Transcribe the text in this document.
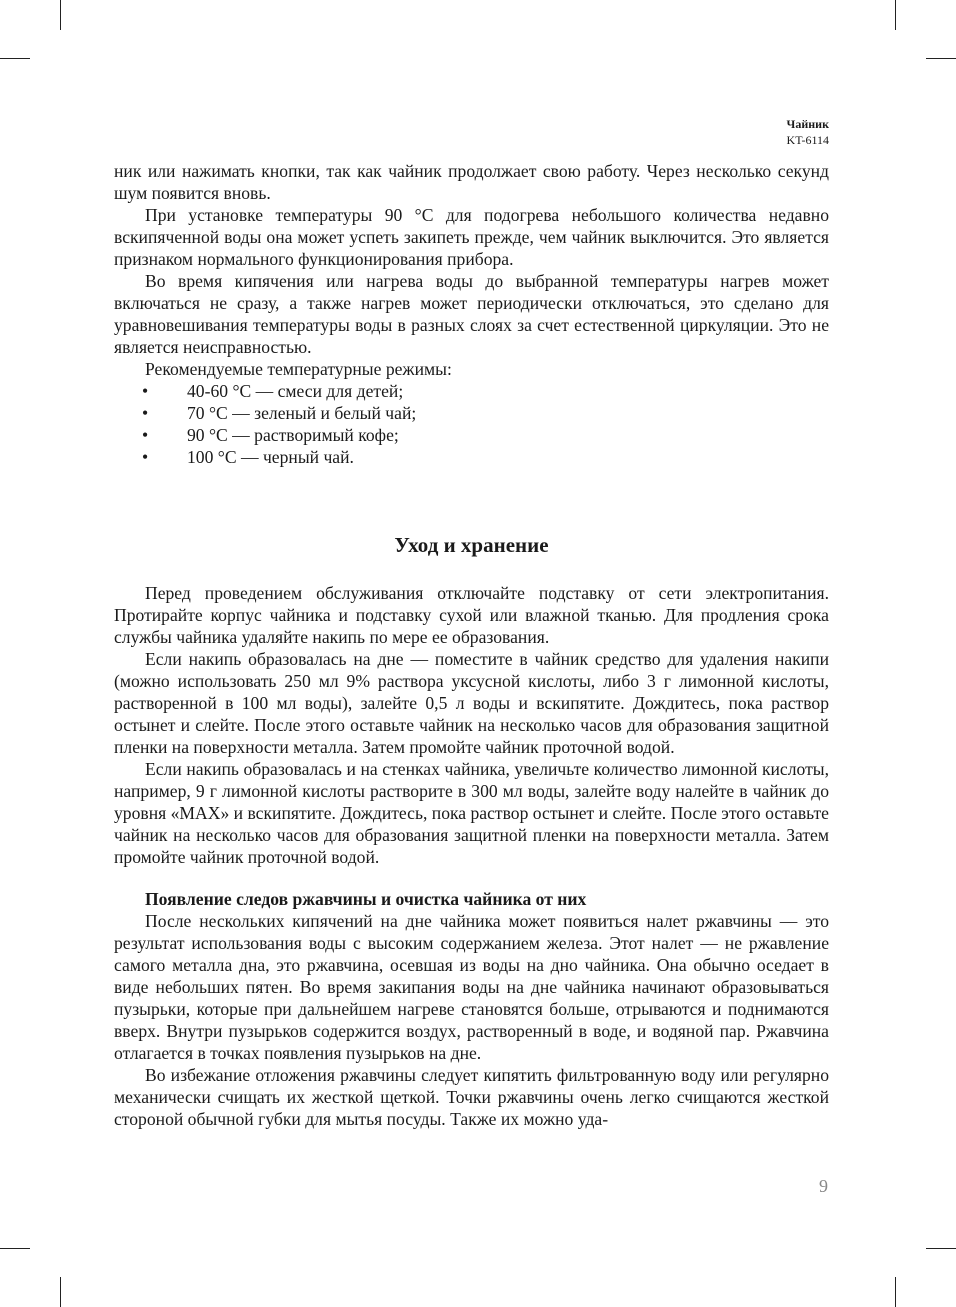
Чайник
KT-6114

ник или нажимать кнопки, так как чайник продолжает свою работу. Через несколько секунд шум появится вновь.

При установке температуры 90 °С для подогрева небольшого количества недавно вскипяченной воды она может успеть закипеть прежде, чем чайник выключится. Это является признаком нормального функционирования прибора.

Во время кипячения или нагрева воды до выбранной температуры нагрев может включаться не сразу, а также нагрев может периодически отключаться, это сделано для уравновешивания температуры воды в разных слоях за счет естественной циркуляции. Это не является неисправностью.

Рекомендуемые температурные режимы:

• 40-60 °С — смеси для детей;
• 70 °С — зеленый и белый чай;
• 90 °С — растворимый кофе;
• 100 °С — черный чай.
Уход и хранение

Перед проведением обслуживания отключайте подставку от сети электропитания. Протирайте корпус чайника и подставку сухой или влажной тканью. Для продления срока службы чайника удаляйте накипь по мере ее образования.

Если накипь образовалась на дне — поместите в чайник средство для удаления накипи (можно использовать 250 мл 9% раствора уксусной кислоты, либо 3 г лимонной кислоты, растворенной в 100 мл воды), залейте 0,5 л воды и вскипятите. Дождитесь, пока раствор остынет и слейте. После этого оставьте чайник на несколько часов для образования защитной пленки на поверхности металла. Затем промойте чайник проточной водой.

Если накипь образовалась и на стенках чайника, увеличьте количество лимонной кислоты, например, 9 г лимонной кислоты растворите в 300 мл воды, залейте воду налейте в чайник до уровня «MAX» и вскипятите. Дождитесь, пока раствор остынет и слейте. После этого оставьте чайник на несколько часов для образования защитной пленки на поверхности металла. Затем промойте чайник проточной водой.

Появление следов ржавчины и очистка чайника от них

После нескольких кипячений на дне чайника может появиться налет ржавчины — это результат использования воды с высоким содержанием железа. Этот налет — не ржавление самого металла дна, это ржавчина, осевшая из воды на дно чайника. Она обычно оседает в виде небольших пятен. Во время закипания воды на дне чайника начинают образовываться пузырьки, которые при дальнейшем нагреве становятся больше, отрываются и поднимаются вверх. Внутри пузырьков содержится воздух, растворенный в воде, и водяной пар. Ржавчина отлагается в точках появления пузырьков на дне.

Во избежание отложения ржавчины следует кипятить фильтрованную воду или регулярно механически счищать их жесткой щеткой. Точки ржавчины очень легко счищаются жесткой стороной обычной губки для мытья посуды. Также их можно уда-

9
